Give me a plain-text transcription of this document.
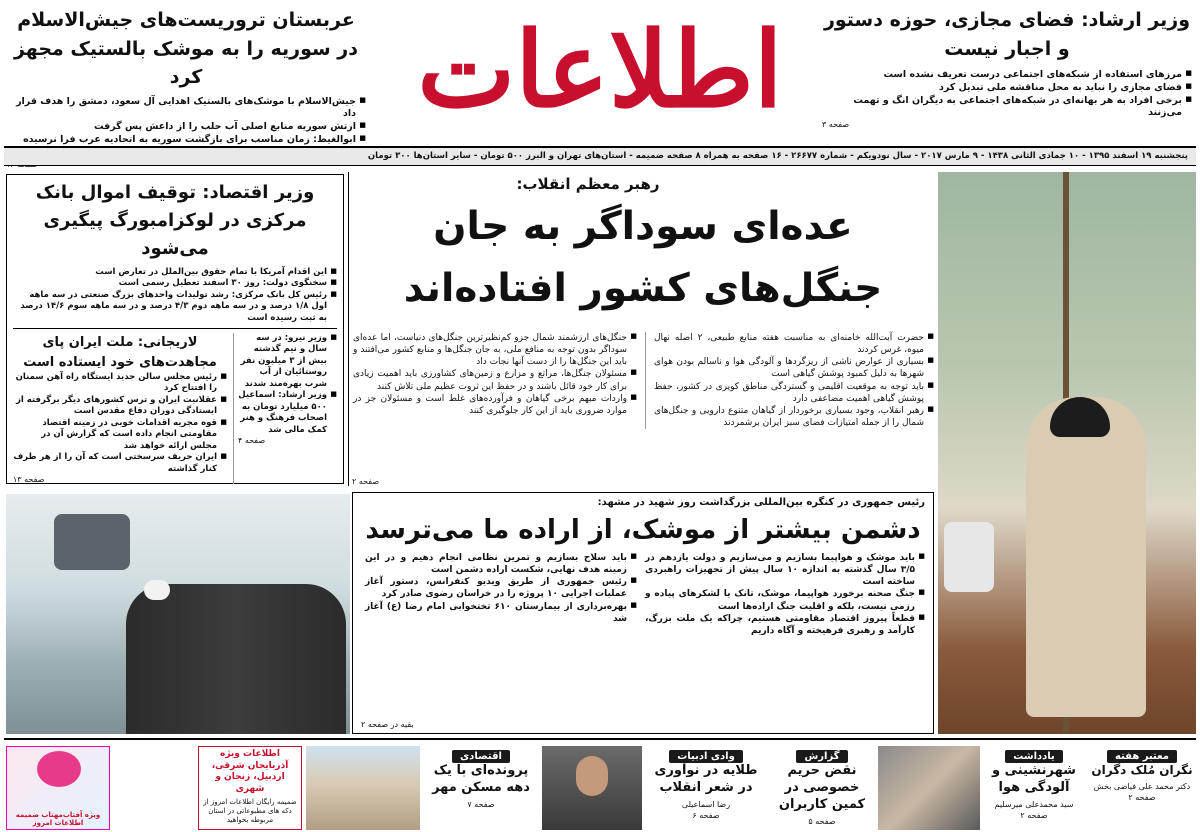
اطلاعات	وزیر ارشاد: فضای مجازی، حوزه دستور و اجبار نیست
■ مرزهای استفاده از شبکه‌های اجتماعی درست تعریف نشده است
■ فضای مجازی را نباید به محل مناقشه ملی تبدیل کرد
■ برخی افراد به هر بهانه‌ای در شبکه‌های اجتماعی به دیگران انگ و تهمت می‌زنند
صفحه ۳
عربستان تروریست‌های جیش‌الاسلام در سوریه را به موشک بالستیک مجهز کرد
■ جیش‌الاسلام با موشک‌های بالستیک اهدایی آل سعود، دمشق را هدف قرار داد
■ ارتش سوریه منابع اصلی آب حلب را از داعش پس گرفت
■ ابوالغیط: زمان مناسب برای بازگشت سوریه به اتحادیه عرب فرا نرسیده
پنجشنبه ۱۹ اسفند ۱۳۹۵ - ۱۰ جمادی الثانی ۱۴۳۸ - ۹ مارس ۲۰۱۷ - سال نودویکم - شماره ۲۶۶۷۷ - ۱۶ صفحه به همراه ۸ صفحه ضمیمه - استان‌های تهران و البرز ۵۰۰ تومان - سایر استان‌ها ۳۰۰ تومان
رهبر معظم انقلاب:
عده‌ای سوداگر به جان
جنگل‌های کشور افتاده‌اند
■ حضرت آیت‌الله خامنه‌ای به مناسبت هفته منابع طبیعی، ۲ اصله نهال میوه، غرس کردند
■ بسیاری از عوارض ناشی از ریزگردها و آلودگی هوا و ناسالم بودن هوای شهرها به دلیل کمبود پوشش گیاهی است
■ باید توجه به موقعیت اقلیمی و گستردگی مناطق کویری در کشور، حفظ پوشش گیاهی اهمیت مضاعفی دارد
■ رهبر انقلاب، وجود بسیاری برخوردار از گیاهان متنوع دارویی و جنگل‌های شمال را از جمله امتیازات فضای سبز ایران برشمردند
■ جنگل‌های ارزشمند شمال جزو کم‌نظیرترین جنگل‌های دنیاست، اما عده‌ای سوداگر بدون توجه به منافع ملی، به جان جنگل‌ها و منابع کشور می‌افتند و باید این جنگل‌ها را از دست آنها نجات داد
■ مسئولان جنگل‌ها، مراتع و مزارع و زمین‌های کشاورزی باید اهمیت زیادی برای کار خود قائل باشند و در حفظ این ثروت عظیم ملی تلاش کنند
■ واردات مبهم برخی گیاهان و فرآورده‌های غلط است و مسئولان جز در موارد ضروری باید از این کار جلوگیری کنند
صفحه ۲
وزیر اقتصاد: توقیف اموال بانک مرکزی در لوکزامبورگ پیگیری می‌شود
■ این اقدام آمریکا با تمام حقوق بین‌الملل در تعارض است
■ سخنگوی دولت: روز ۳۰ اسفند تعطیل رسمی است
■ رئیس کل بانک مرکزی: رشد تولیدات واحدهای بزرگ صنعتی در سه ماهه اول ۱/۸ درصد و در سه ماهه دوم ۴/۳ درصد و در سه ماهه سوم ۱۴/۶ درصد به ثبت رسیده است
■ وزیر نیرو: در سه سال و نیم گذشته بیش از ۳ میلیون نفر روستائیان از آب شرب بهره‌مند شدند
■ وزیر ارشاد: اسماعیل ۵۰۰ میلیارد تومان به اصحاب فرهنگ و هنر کمک مالی شد
صفحه ۴
لاریجانی: ملت ایران پای مجاهدت‌های خود ایستاده است
■ رئیس مجلس سالن جدید ایستگاه راه آهن سمنان را افتتاح کرد
■ عقلانیت ایران و ترس کشورهای دیگر برگرفته از ایستادگی دوران دفاع مقدس است
■ قوه مجریه اقدامات خوبی در زمینه اقتصاد مقاومتی انجام داده است که گزارش آن در مجلس ارائه خواهد شد
■ ایران حریف سرسختی است که آن را از هر طرف کنار گذاشته
صفحه ۱۳
رئیس جمهوری در کنگره بین‌المللی بزرگداشت روز شهید در مشهد:
دشمن بیشتر از موشک، از اراده ما می‌ترسد
■ باید موشک و هواپیما بسازیم و می‌سازیم و دولت یازدهم در ۳/۵ سال گذشته به اندازه ۱۰ سال پیش از تجهیزات راهبردی ساخته است
■ جنگ صحنه برخورد هواپیما، موشک، تانک یا لشکرهای پیاده و رزمی نیست، بلکه و اقلیت جنگ اراده‌ها است
■ قطعاً پیروز اقتصاد مقاومتی هستیم، چراکه یک ملت بزرگ، کارآمد و رهبری فرهیخته و آگاه داریم
■ باید سلاح بسازیم و تمرین نظامی انجام دهیم و در این زمینه هدف نهایی، شکست اراده دشمن است
■ رئیس جمهوری از طریق ویدیو کنفرانس، دستور آغاز عملیات اجرایی ۱۰ پروژه را در خراسان رضوی صادر کرد
■ بهره‌برداری از بیمارستان ۶۱۰ تختخوابی امام رضا (ع) آغاز شد
بقیه در صفحه ۲
معتبر هفته
نگران مُلک دگران
دکتر محمد علی فیاضی بخش
صفحه ۲
یادداشت
شهرنشینی و آلودگی هوا
سید محمدعلی میرسلیم
صفحه ۲
گزارش
نقض حریم خصوصی در کمین کاربران
صفحه ۵
وادی ادبیات
طلایه در نوآوری در شعر انقلاب
رضا اسماعیلی
صفحه ۶
اقتصادی
پرونده‌ای با یک دهه مسکن مهر
صفحه ۷
اطلاعات ویژه آذربایجان شرقی، اردبیل، زنجان و شهری
ضمیمه رایگان اطلاعات امروز از دکه های مطبوعاتی در استان مربوطه بخواهید
ویژه آفتاب‌مهتاب ضمیمه اطلاعات امروز
